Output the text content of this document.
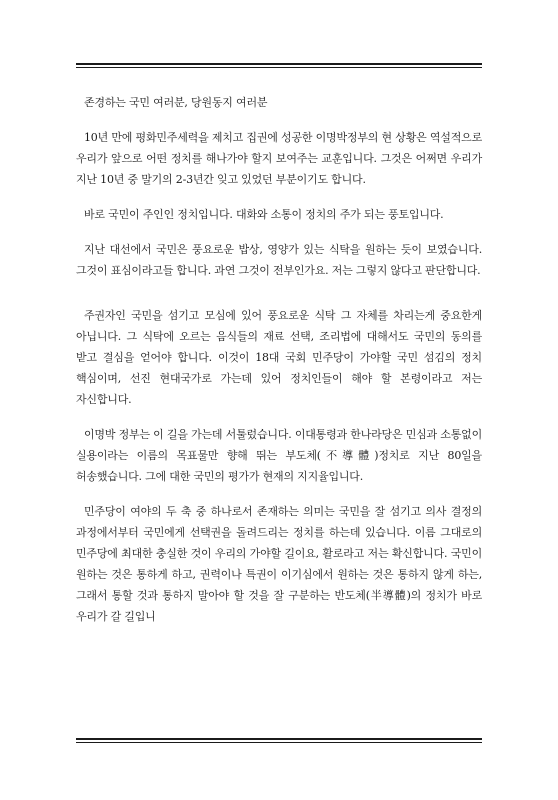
존경하는 국민 여러분, 당원동지 여러분

10년 만에 평화민주세력을 제치고 집권에 성공한 이명박정부의 현 상황은 역설적으로 우리가 앞으로 어떤 정치를 해나가야 할지 보여주는 교훈입니다. 그것은 어쩌면 우리가 지난 10년 중 말기의 2-3년간 잊고 있었던 부분이기도 합니다.

바로 국민이 주인인 정치입니다. 대화와 소통이 정치의 주가 되는 풍토입니다.

지난 대선에서 국민은 풍요로운 밥상, 영양가 있는 식탁을 원하는 듯이 보였습니다. 그것이 표심이라고들 합니다. 과연 그것이 전부인가요. 저는 그렇지 않다고 판단합니다.

주권자인 국민을 섬기고 모심에 있어 풍요로운 식탁 그 자체를 차리는게 중요한게 아닙니다. 그 식탁에 오르는 음식들의 재료 선택, 조리법에 대해서도 국민의 동의를 받고 결심을 얻어야 합니다. 이것이 18대 국회 민주당이 가야할 국민 섬김의 정치 핵심이며, 선진 현대국가로 가는데 있어 정치인들이 해야 할 본령이라고 저는 자신합니다.

이명박 정부는 이 길을 가는데 서툴렀습니다. 이대통령과 한나라당은 민심과 소통없이 실용이라는 이름의 목표물만 향해 뛰는 부도체(不導體)정치로 지난 80일을 허송했습니다. 그에 대한 국민의 평가가 현재의 지지율입니다.

민주당이 여야의 두 축 중 하나로서 존재하는 의미는 국민을 잘 섬기고 의사 결정의 과정에서부터 국민에게 선택권을 돌려드리는 정치를 하는데 있습니다. 이름 그대로의 민주당에 최대한 충실한 것이 우리의 가야할 길이요, 활로라고 저는 확신합니다. 국민이 원하는 것은 통하게 하고, 권력이나 특권이 이기심에서 원하는 것은 통하지 않게 하는, 그래서 통할 것과 통하지 말아야 할 것을 잘 구분하는 반도체(半導體)의 정치가 바로 우리가 갈 길입니
